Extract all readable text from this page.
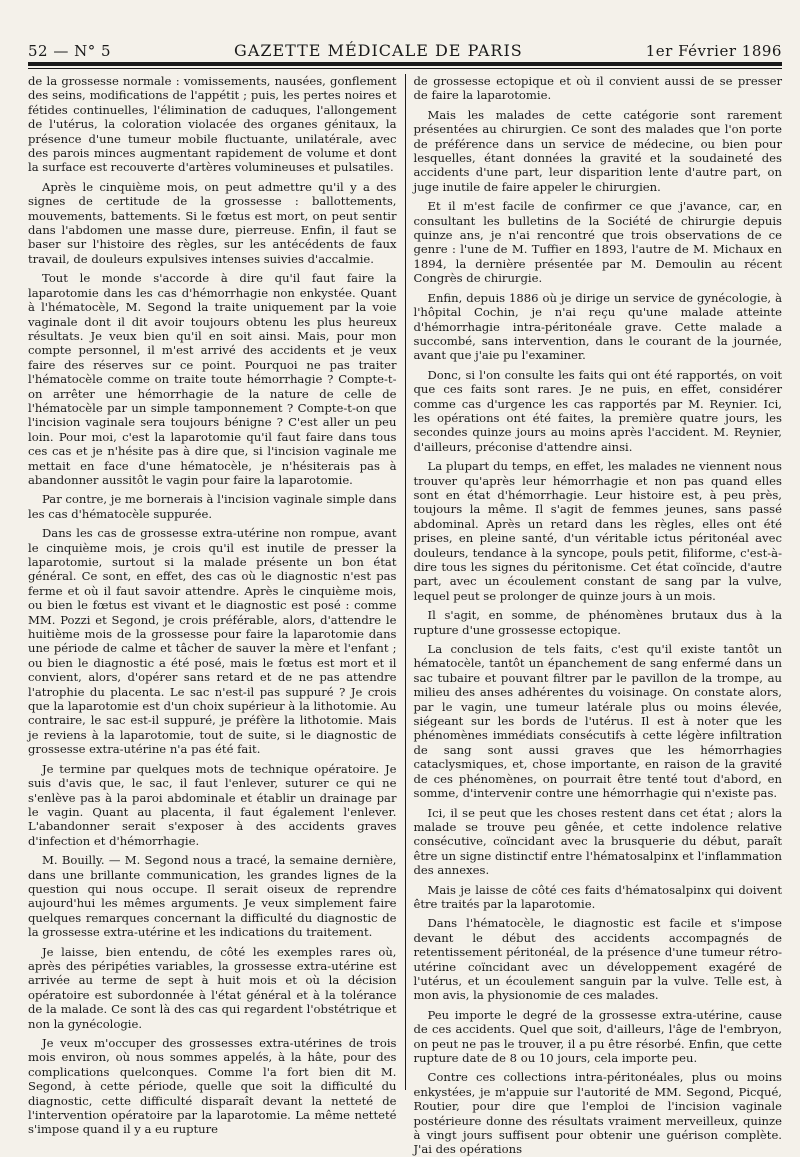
52 — N° 5	GAZETTE MÉDICALE DE PARIS	1er Février 1896

de la grossesse normale : vomissements, nausées, gonflement des seins, modifications de l'appétit ; puis, les pertes noires et fétides continuelles, l'élimination de caduques, l'allongement de l'utérus, la coloration violacée des organes génitaux, la présence d'une tumeur mobile fluctuante, unilatérale, avec des parois minces augmentant rapidement de volume et dont la surface est recouverte d'artères volumineuses et pulsatiles.

Après le cinquième mois, on peut admettre qu'il y a des signes de certitude de la grossesse : ballottements, mouvements, battements. Si le fœtus est mort, on peut sentir dans l'abdomen une masse dure, pierreuse. Enfin, il faut se baser sur l'histoire des règles, sur les antécédents de faux travail, de douleurs expulsives intenses suivies d'accalmie.

Tout le monde s'accorde à dire qu'il faut faire la laparotomie dans les cas d'hémorrhagie non enkystée. Quant à l'hématocèle, M. Segond la traite uniquement par la voie vaginale dont il dit avoir toujours obtenu les plus heureux résultats. Je veux bien qu'il en soit ainsi. Mais, pour mon compte personnel, il m'est arrivé des accidents et je veux faire des réserves sur ce point. Pourquoi ne pas traiter l'hématocèle comme on traite toute hémorrhagie ? Compte-t-on arrêter une hémorrhagie de la nature de celle de l'hématocèle par un simple tamponnement ? Compte-t-on que l'incision vaginale sera toujours bénigne ? C'est aller un peu loin. Pour moi, c'est la laparotomie qu'il faut faire dans tous ces cas et je n'hésite pas à dire que, si l'incision vaginale me mettait en face d'une hématocèle, je n'hésiterais pas à abandonner aussitôt le vagin pour faire la laparotomie.

Par contre, je me bornerais à l'incision vaginale simple dans les cas d'hématocèle suppurée.

Dans les cas de grossesse extra-utérine non rompue, avant le cinquième mois, je crois qu'il est inutile de presser la laparotomie, surtout si la malade présente un bon état général. Ce sont, en effet, des cas où le diagnostic n'est pas ferme et où il faut savoir attendre. Après le cinquième mois, ou bien le fœtus est vivant et le diagnostic est posé : comme MM. Pozzi et Segond, je crois préférable, alors, d'attendre le huitième mois de la grossesse pour faire la laparotomie dans une période de calme et tâcher de sauver la mère et l'enfant ; ou bien le diagnostic a été posé, mais le fœtus est mort et il convient, alors, d'opérer sans retard et de ne pas attendre l'atrophie du placenta. Le sac n'est-il pas suppuré ? Je crois que la laparotomie est d'un choix supérieur à la lithotomie. Au contraire, le sac est-il suppuré, je préfère la lithotomie. Mais je reviens à la laparotomie, tout de suite, si le diagnostic de grossesse extra-utérine n'a pas été fait.

Je termine par quelques mots de technique opératoire. Je suis d'avis que, le sac, il faut l'enlever, suturer ce qui ne s'enlève pas à la paroi abdominale et établir un drainage par le vagin. Quant au placenta, il faut également l'enlever. L'abandonner serait s'exposer à des accidents graves d'infection et d'hémorrhagie.

M. Bouilly. — M. Segond nous a tracé, la semaine dernière, dans une brillante communication, les grandes lignes de la question qui nous occupe. Il serait oiseux de reprendre aujourd'hui les mêmes arguments. Je veux simplement faire quelques remarques concernant la difficulté du diagnostic de la grossesse extra-utérine et les indications du traitement.

Je laisse, bien entendu, de côté les exemples rares où, après des péripéties variables, la grossesse extra-utérine est arrivée au terme de sept à huit mois et où la décision opératoire est subordonnée à l'état général et à la tolérance de la malade. Ce sont là des cas qui regardent l'obstétrique et non la gynécologie.

Je veux m'occuper des grossesses extra-utérines de trois mois environ, où nous sommes appelés, à la hâte, pour des complications quelconques. Comme l'a fort bien dit M. Segond, à cette période, quelle que soit la difficulté du diagnostic, cette difficulté disparaît devant la netteté de l'intervention opératoire par la laparotomie. La même netteté s'impose quand il y a eu rupture

de grossesse ectopique et où il convient aussi de se presser de faire la laparotomie.

Mais les malades de cette catégorie sont rarement présentées au chirurgien. Ce sont des malades que l'on porte de préférence dans un service de médecine, ou bien pour lesquelles, étant données la gravité et la soudaineté des accidents d'une part, leur disparition lente d'autre part, on juge inutile de faire appeler le chirurgien.

Et il m'est facile de confirmer ce que j'avance, car, en consultant les bulletins de la Société de chirurgie depuis quinze ans, je n'ai rencontré que trois observations de ce genre : l'une de M. Tuffier en 1893, l'autre de M. Michaux en 1894, la dernière présentée par M. Demoulin au récent Congrès de chirurgie.

Enfin, depuis 1886 où je dirige un service de gynécologie, à l'hôpital Cochin, je n'ai reçu qu'une malade atteinte d'hémorrhagie intra-péritonéale grave. Cette malade a succombé, sans intervention, dans le courant de la journée, avant que j'aie pu l'examiner.

Donc, si l'on consulte les faits qui ont été rapportés, on voit que ces faits sont rares. Je ne puis, en effet, considérer comme cas d'urgence les cas rapportés par M. Reynier. Ici, les opérations ont été faites, la première quatre jours, les secondes quinze jours au moins après l'accident. M. Reynier, d'ailleurs, préconise d'attendre ainsi.

La plupart du temps, en effet, les malades ne viennent nous trouver qu'après leur hémorrhagie et non pas quand elles sont en état d'hémorrhagie. Leur histoire est, à peu près, toujours la même. Il s'agit de femmes jeunes, sans passé abdominal. Après un retard dans les règles, elles ont été prises, en pleine santé, d'un véritable ictus péritonéal avec douleurs, tendance à la syncope, pouls petit, filiforme, c'est-à-dire tous les signes du péritonisme. Cet état coïncide, d'autre part, avec un écoulement constant de sang par la vulve, lequel peut se prolonger de quinze jours à un mois.

Il s'agit, en somme, de phénomènes brutaux dus à la rupture d'une grossesse ectopique.

La conclusion de tels faits, c'est qu'il existe tantôt un hématocèle, tantôt un épanchement de sang enfermé dans un sac tubaire et pouvant filtrer par le pavillon de la trompe, au milieu des anses adhérentes du voisinage. On constate alors, par le vagin, une tumeur latérale plus ou moins élevée, siégeant sur les bords de l'utérus. Il est à noter que les phénomènes immédiats consécutifs à cette légère infiltration de sang sont aussi graves que les hémorrhagies cataclysmiques, et, chose importante, en raison de la gravité de ces phénomènes, on pourrait être tenté tout d'abord, en somme, d'intervenir contre une hémorrhagie qui n'existe pas.

Ici, il se peut que les choses restent dans cet état ; alors la malade se trouve peu gênée, et cette indolence relative consécutive, coïncidant avec la brusquerie du début, paraît être un signe distinctif entre l'hématosalpinx et l'inflammation des annexes.

Mais je laisse de côté ces faits d'hématosalpinx qui doivent être traités par la laparotomie.

Dans l'hématocèle, le diagnostic est facile et s'impose devant le début des accidents accompagnés de retentissement péritonéal, de la présence d'une tumeur rétro-utérine coïncidant avec un développement exagéré de l'utérus, et un écoulement sanguin par la vulve. Telle est, à mon avis, la physionomie de ces malades.

Peu importe le degré de la grossesse extra-utérine, cause de ces accidents. Quel que soit, d'ailleurs, l'âge de l'embryon, on peut ne pas le trouver, il a pu être résorbé. Enfin, que cette rupture date de 8 ou 10 jours, cela importe peu.

Contre ces collections intra-péritonéales, plus ou moins enkystées, je m'appuie sur l'autorité de MM. Segond, Picqué, Routier, pour dire que l'emploi de l'incision vaginale postérieure donne des résultats vraiment merveilleux, quinze à vingt jours suffisent pour obtenir une guérison complète. J'ai des opérations
